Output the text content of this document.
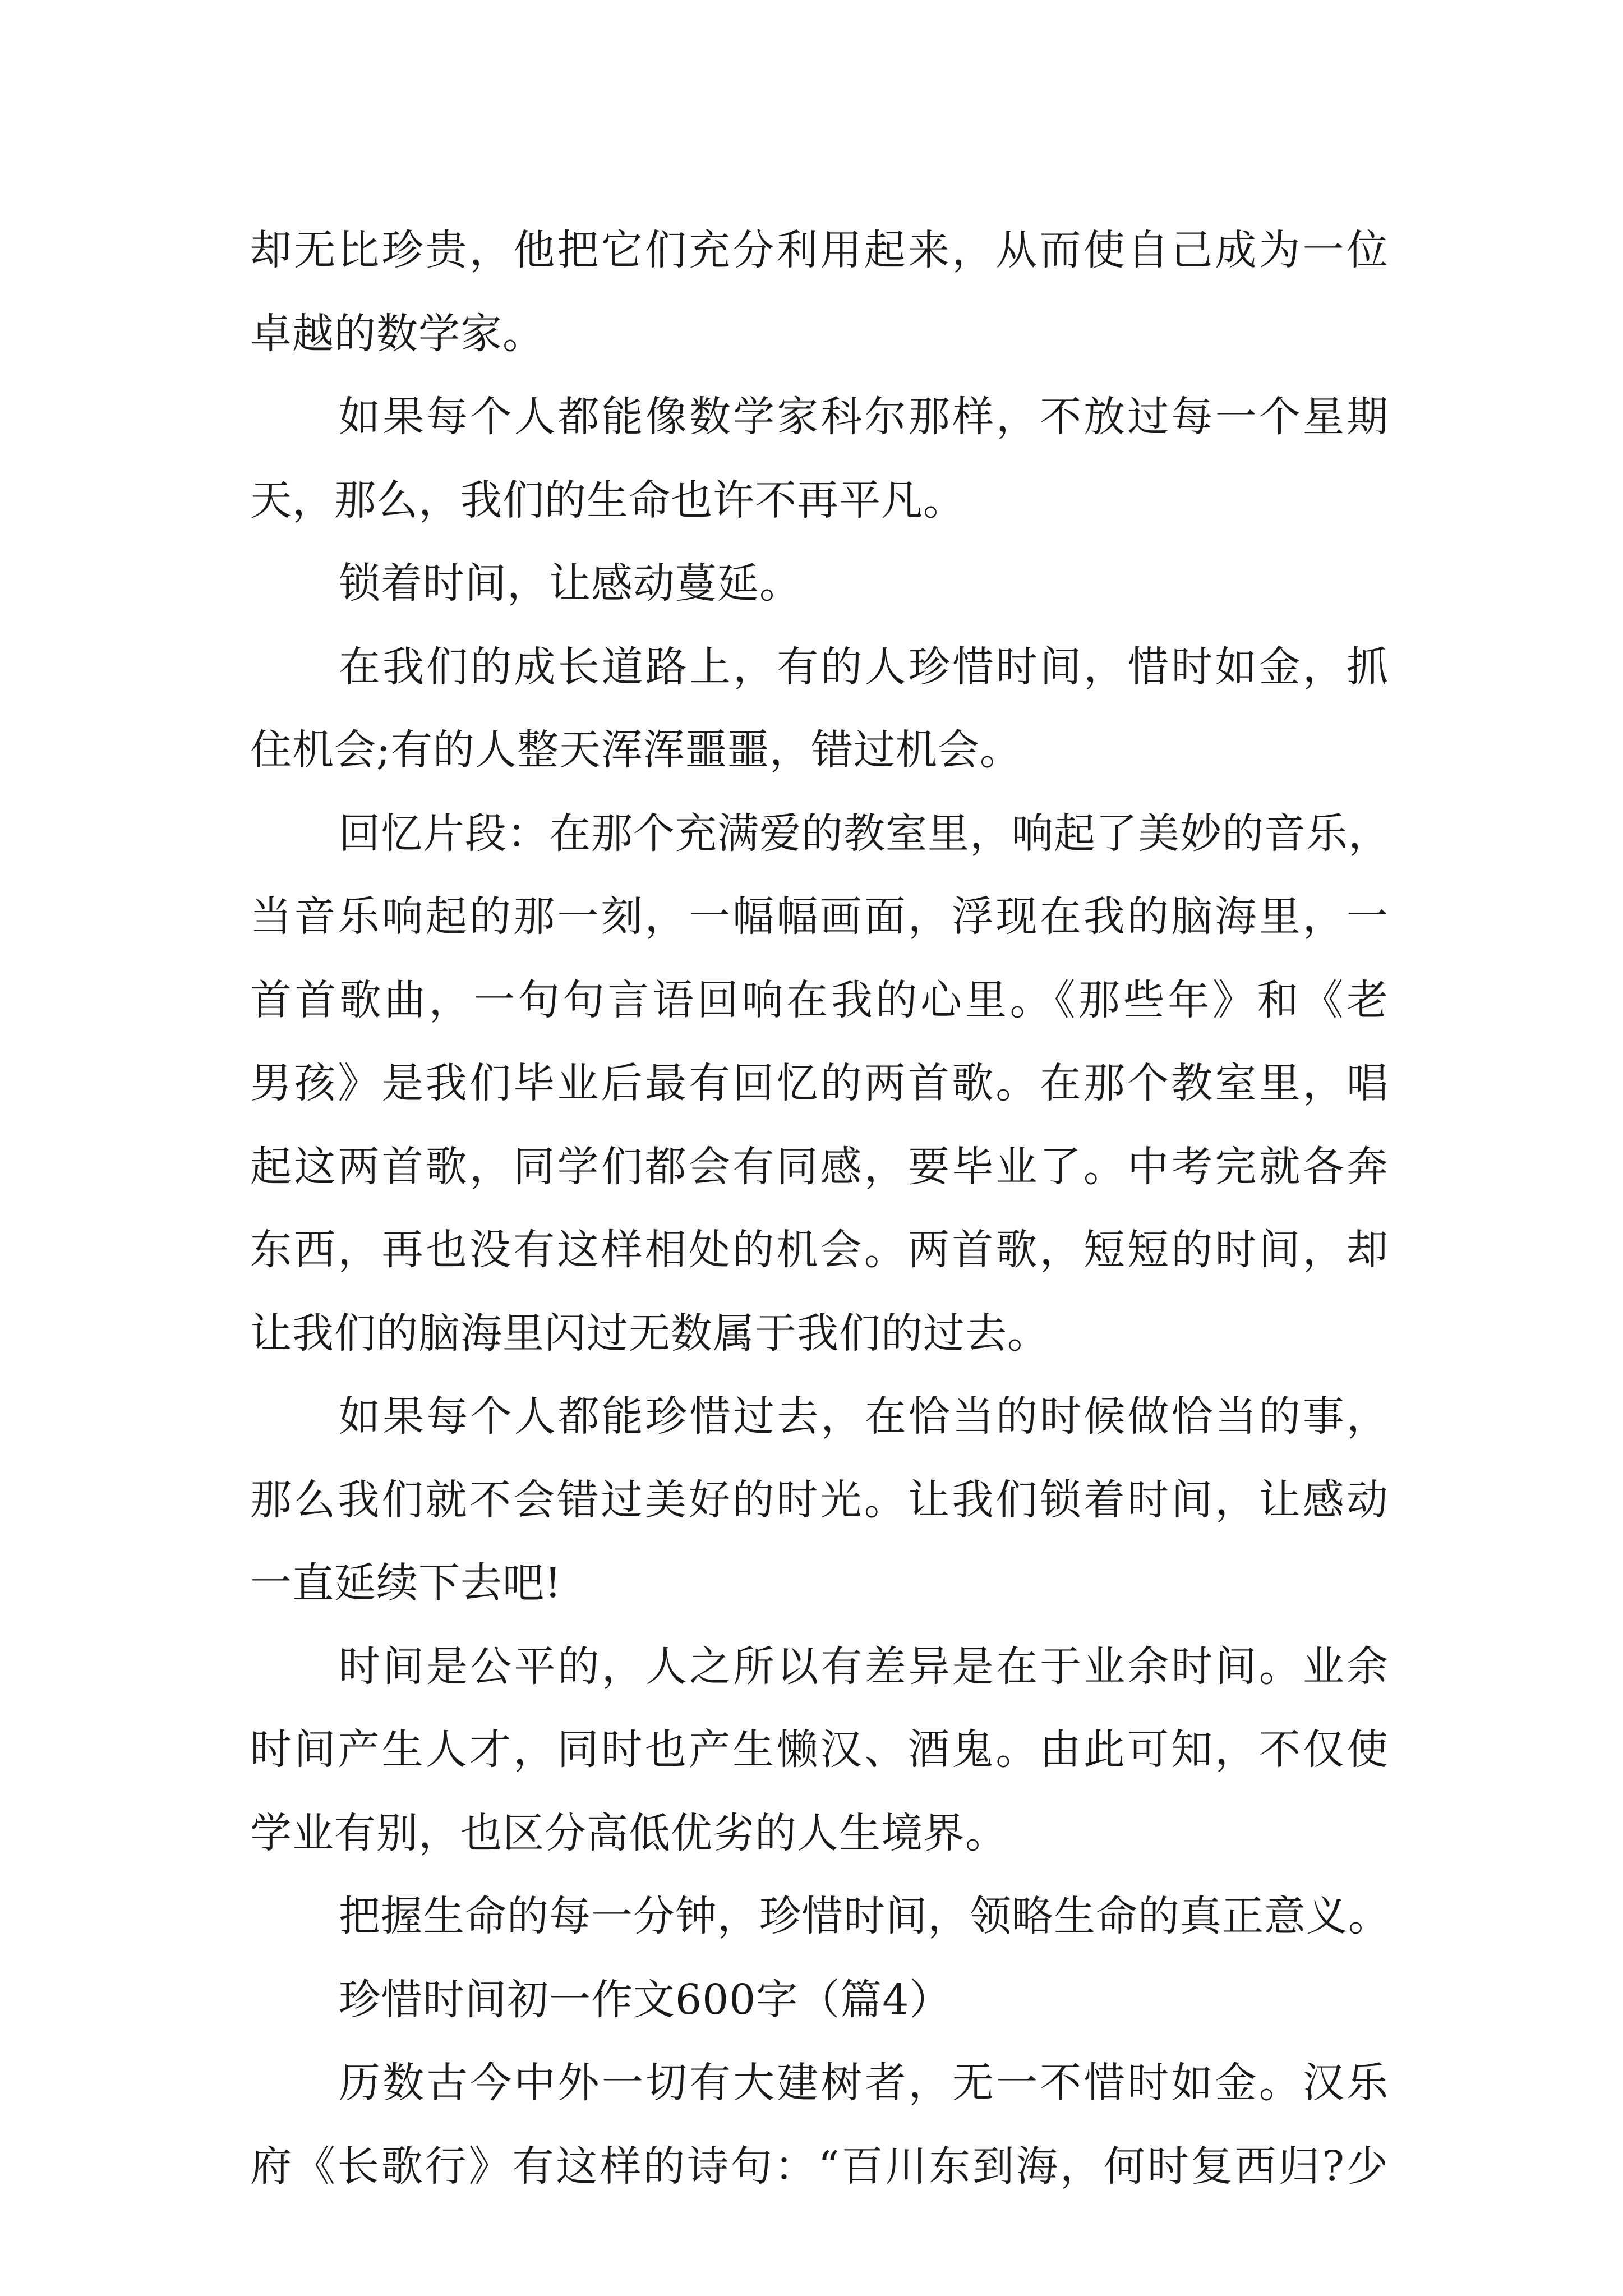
却无比珍贵，他把它们充分利用起来，从而使自己成为一位
卓越的数学家。
如果每个人都能像数学家科尔那样，不放过每一个星期
天，那么，我们的生命也许不再平凡。
锁着时间，让感动蔓延。
在我们的成长道路上，有的人珍惜时间，惜时如金，抓
住机会;有的人整天浑浑噩噩，错过机会。
回忆片段：在那个充满爱的教室里，响起了美妙的音乐，
当音乐响起的那一刻，一幅幅画面，浮现在我的脑海里，一
首首歌曲，一句句言语回响在我的心里。《那些年》和《老
男孩》是我们毕业后最有回忆的两首歌。在那个教室里，唱
起这两首歌，同学们都会有同感，要毕业了。中考完就各奔
东西，再也没有这样相处的机会。两首歌，短短的时间，却
让我们的脑海里闪过无数属于我们的过去。
如果每个人都能珍惜过去，在恰当的时候做恰当的事，
那么我们就不会错过美好的时光。让我们锁着时间，让感动
一直延续下去吧!
时间是公平的，人之所以有差异是在于业余时间。业余
时间产生人才，同时也产生懒汉、酒鬼。由此可知，不仅使
学业有别，也区分高低优劣的人生境界。
把握生命的每一分钟，珍惜时间，领略生命的真正意义。
珍惜时间初一作文600字（篇4）
历数古今中外一切有大建树者，无一不惜时如金。汉乐
府《长歌行》有这样的诗句：“百川东到海，何时复西归?少
